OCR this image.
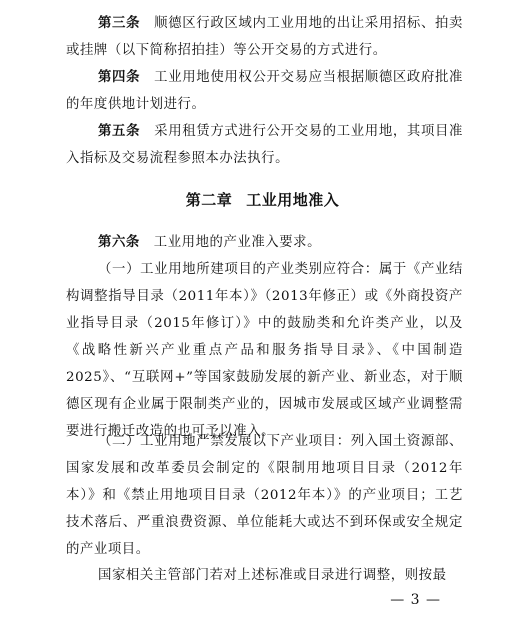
第三条　 顺德区行政区域内工业用地的出让采用招标、拍卖或挂牌（以下简称招拍挂）等公开交易的方式进行。
第四条　 工业用地使用权公开交易应当根据顺德区政府批准的年度供地计划进行。
第五条　 采用租赁方式进行公开交易的工业用地，其项目准入指标及交易流程参照本办法执行。
第二章 工业用地准入
第六条　 工业用地的产业准入要求。
（一）工业用地所建项目的产业类别应符合：属于《产业结构调整指导目录（2011年本）》（2013年修正）或《外商投资产业指导目录（2015年修订）》中的鼓励类和允许类产业，以及《战略性新兴产业重点产品和服务指导目录》、《中国制造2025》、“互联网+”等国家鼓励发展的新产业、新业态，对于顺德区现有企业属于限制类产业的，因城市发展或区域产业调整需要进行搬迁改造的也可予以准入。
（二）工业用地严禁发展以下产业项目：列入国土资源部、国家发展和改革委员会制定的《限制用地项目目录（2012年本）》和《禁止用地项目目录（2012年本）》的产业项目；工艺技术落后、严重浪费资源、单位能耗大或达不到环保或安全规定的产业项目。
国家相关主管部门若对上述标准或目录进行调整，则按最
— 3 —
